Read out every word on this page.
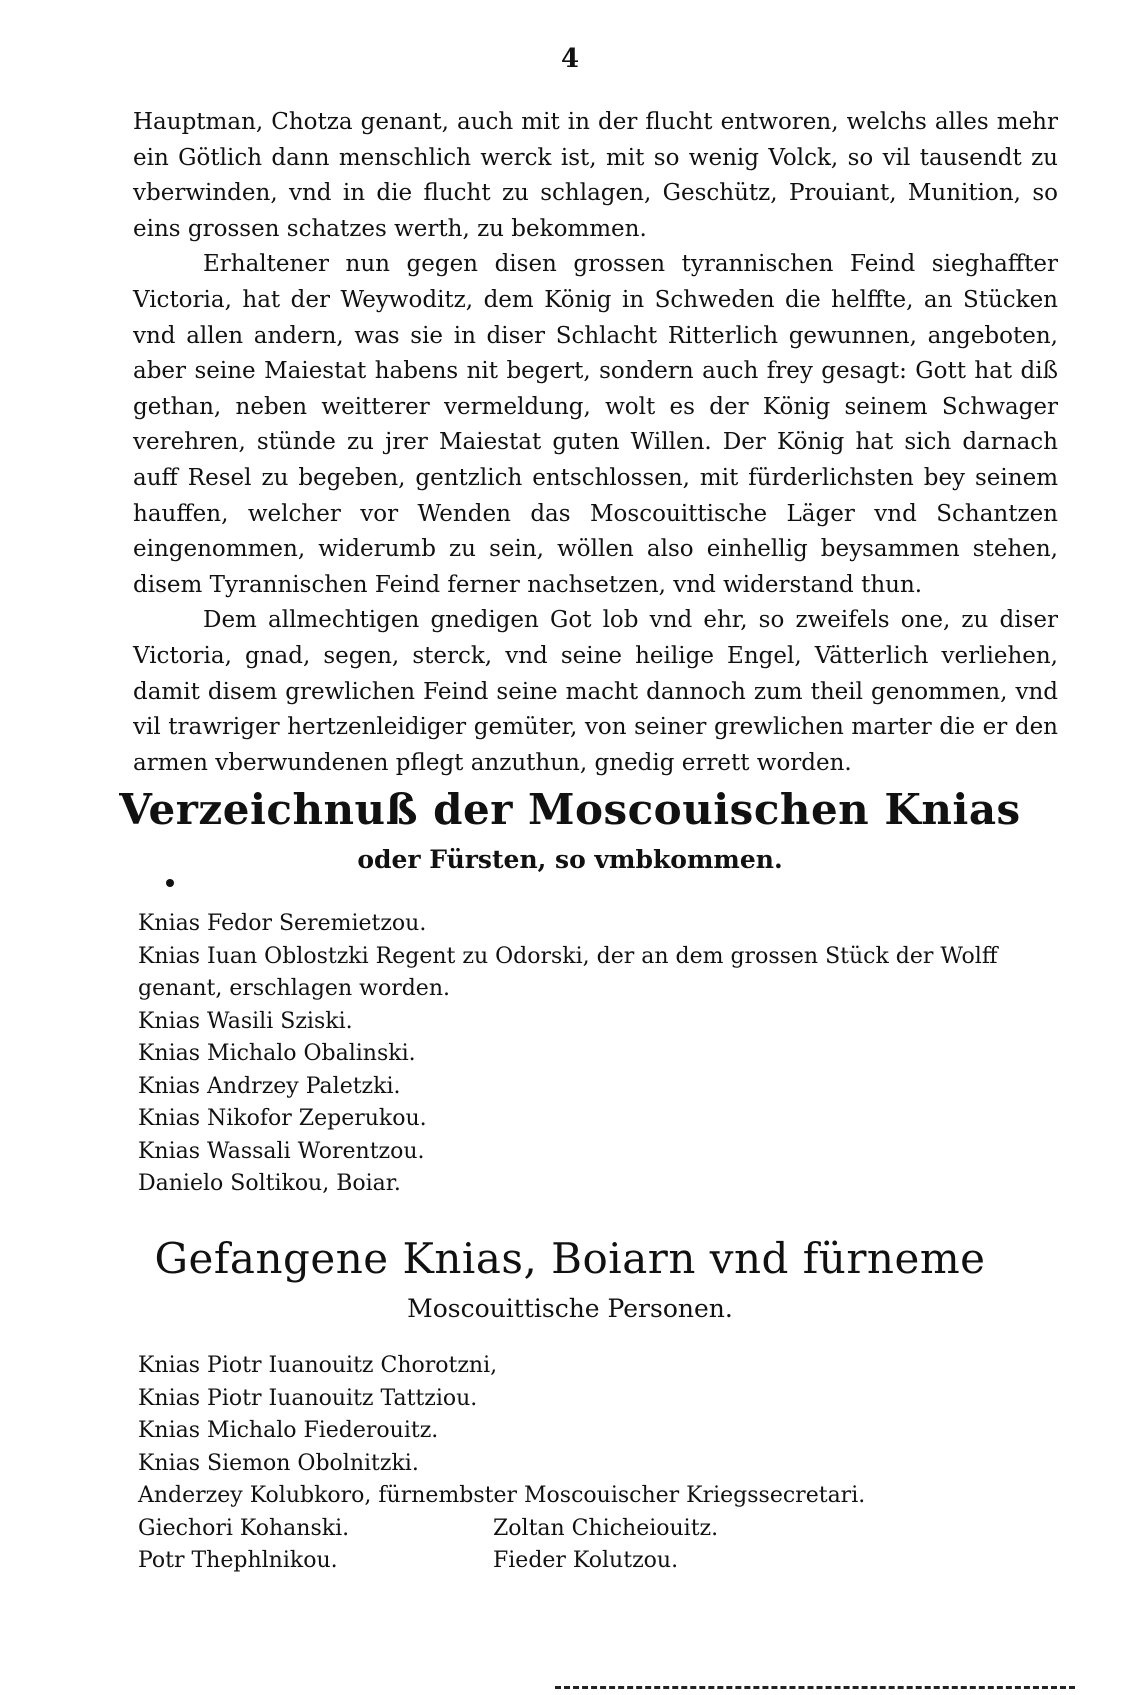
4

Hauptman, Chotza genant, auch mit in der flucht entworen, welchs alles mehr ein Götlich dann menschlich werck ist, mit so wenig Volck, so vil tausendt zu vberwinden, vnd in die flucht zu schlagen, Geschütz, Prouiant, Munition, so eins grossen schatzes werth, zu bekommen.

Erhaltener nun gegen disen grossen tyrannischen Feind sieghaffter Victoria, hat der Weywoditz, dem König in Schweden die helffte, an Stücken vnd allen andern, was sie in diser Schlacht Ritterlich gewunnen, angeboten, aber seine Maiestat habens nit begert, sondern auch frey gesagt: Gott hat diß gethan, neben weitterer vermeldung, wolt es der König seinem Schwager verehren, stünde zu jrer Maiestat guten Willen. Der König hat sich darnach auff Resel zu begeben, gentzlich entschlossen, mit fürderlichsten bey seinem hauffen, welcher vor Wenden das Moscouittische Läger vnd Schantzen eingenommen, widerumb zu sein, wöllen also einhellig beysammen stehen, disem Tyrannischen Feind ferner nachsetzen, vnd widerstand thun.

Dem allmechtigen gnedigen Got lob vnd ehr, so zweifels one, zu diser Victoria, gnad, segen, sterck, vnd seine heilige Engel, Vätterlich verliehen, damit disem grewlichen Feind seine macht dannoch zum theil genommen, vnd vil trawriger hertzenleidiger gemüter, von seiner grewlichen marter die er den armen vberwundenen pflegt anzuthun, gnedig errett worden.

Verzeichnuß der Moscouischen Knias
oder Fürsten, so vmbkommen.
Knias Fedor Seremietzou.
Knias Iuan Oblostzki Regent zu Odorski, der an dem grossen Stück der Wolff genant, erschlagen worden.
Knias Wasili Sziski.
Knias Michalo Obalinski.
Knias Andrzey Paletzki.
Knias Nikofor Zeperukou.
Knias Wassali Worentzou.
Danielo Soltikou, Boiar.
Gefangene Knias, Boiarn vnd fürneme
Moscouittische Personen.
Knias Piotr Iuanouitz Chorotzni,
Knias Piotr Iuanouitz Tattziou.
Knias Michalo Fiederouitz.
Knias Siemon Obolnitzki.
Anderzey Kolubkoro, fürnembster Moscouischer Kriegssecretari.
Giechori Kohanski.	Zoltan Chicheiouitz.
Potr Thephlnikou.	Fieder Kolutzou.
